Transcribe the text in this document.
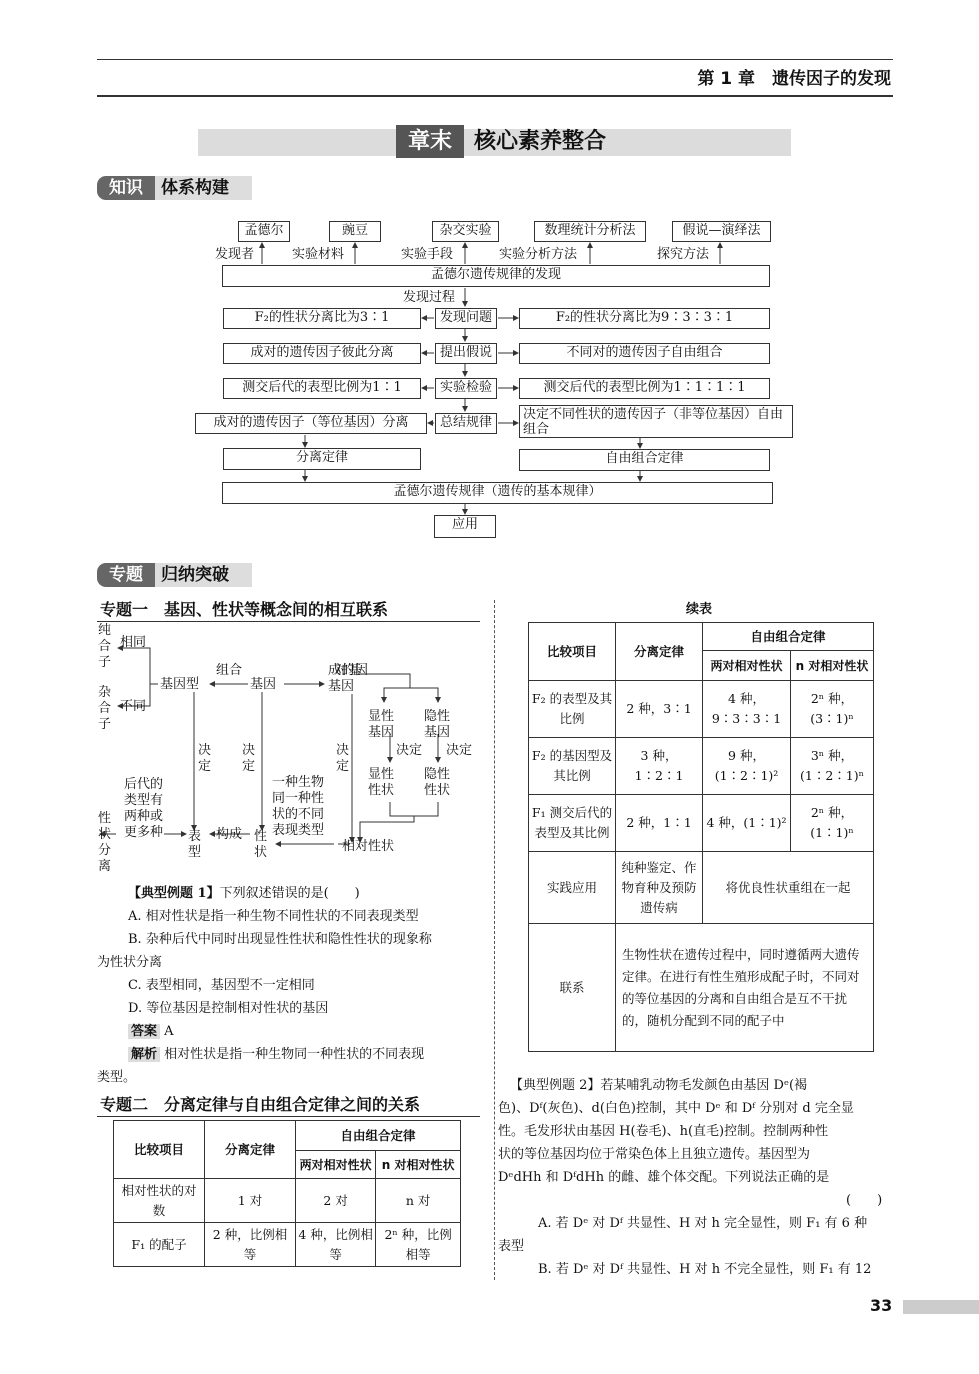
第 1 章　遗传因子的发现
章末	核心素养整合
知识	体系构建
孟德尔	豌豆	杂交实验	数理统计分析法	假说—演绎法
发现者	实验材料	实验手段	实验分析方法	探究方法
孟德尔遗传规律的发现
发现过程
F₂的性状分离比为3∶1	发现问题	F₂的性状分离比为9∶3∶3∶1
成对的遗传因子彼此分离	提出假说	不同对的遗传因子自由组合
测交后代的表型比例为1∶1	实验检验	测交后代的表型比例为1∶1∶1∶1
成对的遗传因子（等位基因）分离	总结规律
决定不同性状的遗传因子（非等位基因）自由组合
分离定律	自由组合定律
孟德尔遗传规律（遗传的基本规律）
应用
专题	归纳突破
专题一　基因、性状等概念间的相互联系
纯合子
相同
杂合子
不同
基因型
组合
基因
成对的基因
基因
显性
基因
隐性
基因
决定 决定
显性
性状
隐性
性状
决
定
决
定
决
定
后代的
类型有
两种或
更多种
性
状
分
离
表
型
构成 性
状
一种生物
同一种性
状的不同
表现类型
相对性状
【典型例题 1】下列叙述错误的是(　　)
A. 相对性状是指一种生物不同性状的不同表现类型
B. 杂种后代中同时出现显性性状和隐性性状的现象称
为性状分离
C. 表型相同，基因型不一定相同
D. 等位基因是控制相对性状的基因
答案 A
解析 相对性状是指一种生物同一种性状的不同表现
类型。
专题二　分离定律与自由组合定律之间的关系
比较项目	分离定律	自由组合定律	
		两对相对性状	n 对相对性状
相对性状的对数	1 对	2 对	n 对
F₁ 的配子	2 种，比例相等	4 种，比例相等	2ⁿ 种，比例相等
续表
比较项目	分离定律	自由组合定律	
		两对相对性状	n 对相对性状
F₂ 的表型及其比例	2 种，3∶1	4 种，9∶3∶3∶1	2ⁿ 种，(3∶1)ⁿ
F₂ 的基因型及其比例	3 种，1∶2∶1	9 种，(1∶2∶1)²	3ⁿ 种，(1∶2∶1)ⁿ
F₁ 测交后代的表型及其比例	2 种，1∶1	4 种，(1∶1)²	2ⁿ 种，(1∶1)ⁿ
实践应用	纯种鉴定、作物育种及预防遗传病	将优良性状重组在一起	
联系	生物性状在遗传过程中，同时遵循两大遗传定律。在进行有性生殖形成配子时，不同对的等位基因的分离和自由组合是互不干扰的，随机分配到不同的配子中		
【典型例题 2】若某哺乳动物毛发颜色由基因 Dᵉ(褐
色)、Dᶠ(灰色)、d(白色)控制，其中 Dᵉ 和 Dᶠ 分别对 d 完全显
性。毛发形状由基因 H(卷毛)、h(直毛)控制。控制两种性
状的等位基因均位于常染色体上且独立遗传。基因型为
DᵉdHh 和 DᶠdHh 的雌、雄个体交配。下列说法正确的是
(　　)
A. 若 Dᵉ 对 Dᶠ 共显性、H 对 h 完全显性，则 F₁ 有 6 种
表型
B. 若 Dᵉ 对 Dᶠ 共显性、H 对 h 不完全显性，则 F₁ 有 12
33
